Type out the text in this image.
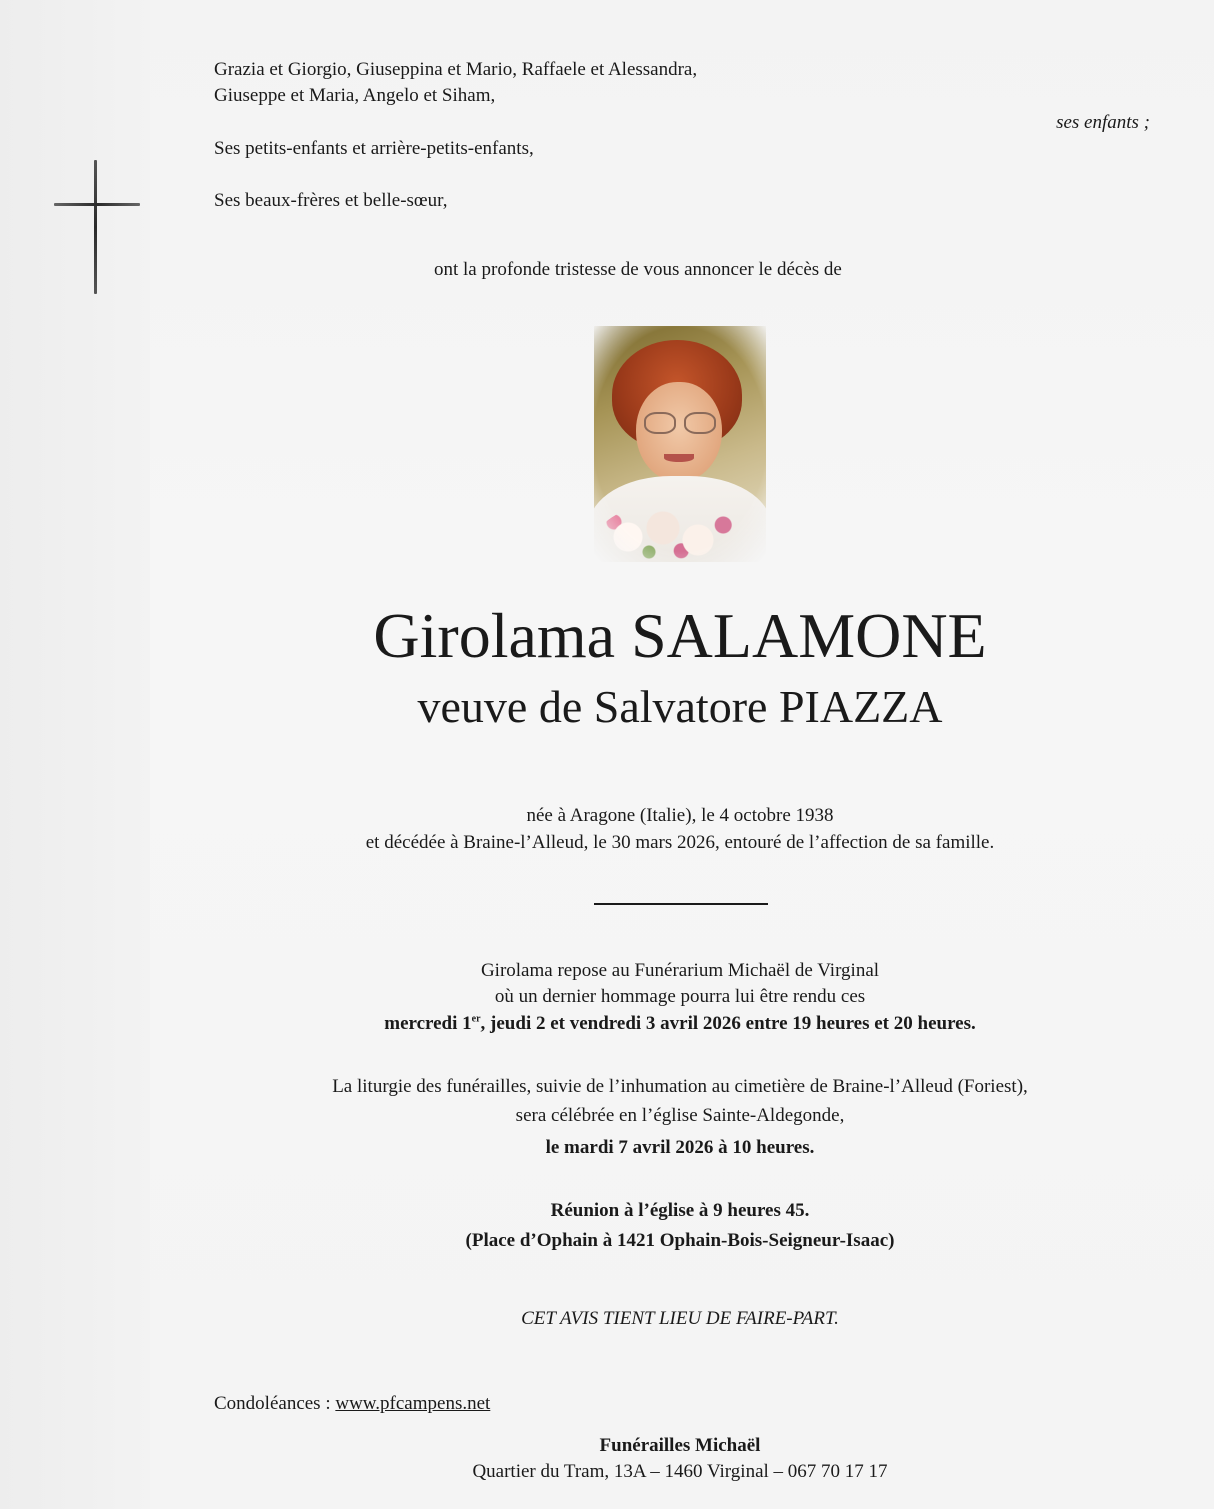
Grazia et Giorgio, Giuseppina et Mario, Raffaele et Alessandra,
Giuseppe et Maria, Angelo et Siham,
ses enfants ;
Ses petits-enfants et arrière-petits-enfants,
Ses beaux-frères et belle-sœur,
ont la profonde tristesse de vous annoncer le décès de
Girolama SALAMONE
veuve de Salvatore PIAZZA
née à Aragone (Italie), le 4 octobre 1938
et décédée à Braine-l’Alleud, le 30 mars 2026, entouré de l’affection de sa famille.
Girolama repose au Funérarium Michaël de Virginal
où un dernier hommage pourra lui être rendu ces
mercredi 1er, jeudi 2 et vendredi 3 avril 2026 entre 19 heures et 20 heures.
La liturgie des funérailles, suivie de l’inhumation au cimetière de Braine-l’Alleud (Foriest),
sera célébrée en l’église Sainte-Aldegonde,
le mardi 7 avril 2026 à 10 heures.
Réunion à l’église à 9 heures 45.
(Place d’Ophain à 1421 Ophain-Bois-Seigneur-Isaac)
CET AVIS TIENT LIEU DE FAIRE-PART.
Condoléances : www.pfcampens.net
Funérailles Michaël
Quartier du Tram, 13A – 1460 Virginal – 067 70 17 17
